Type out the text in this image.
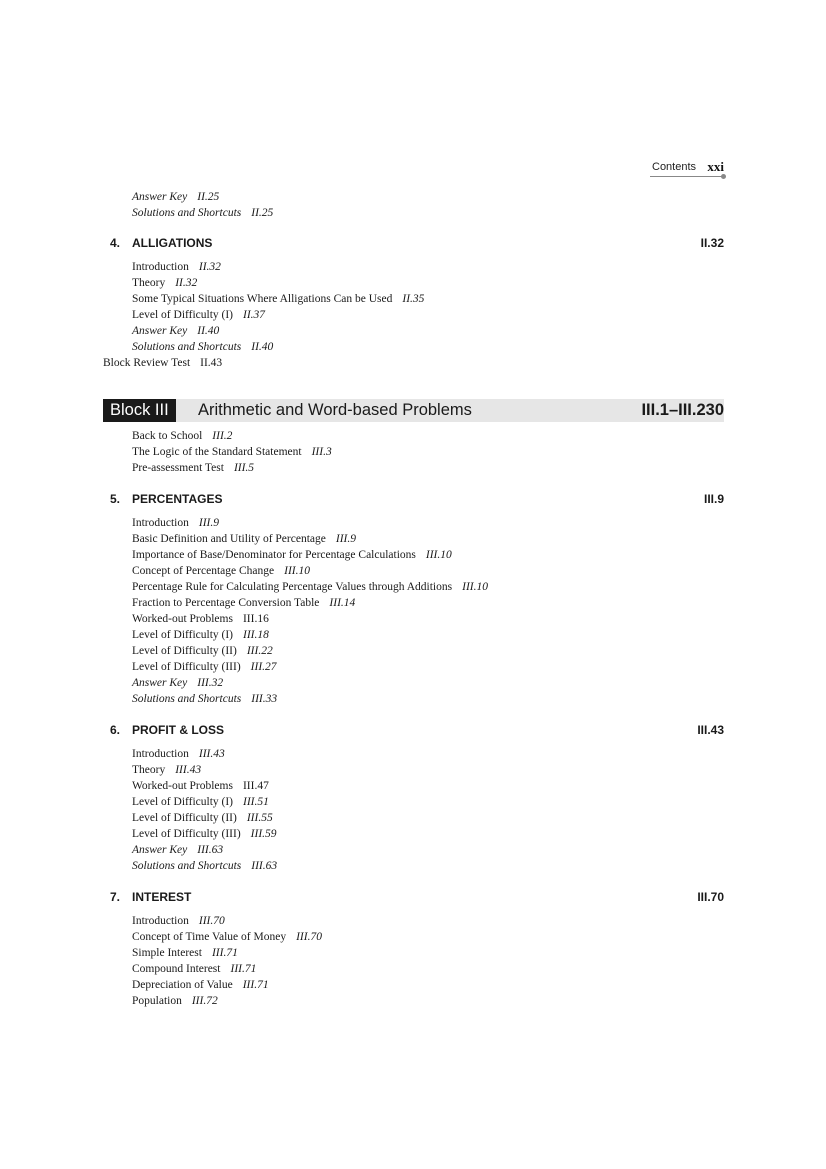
Contents xxi
Answer Key II.25
Solutions and Shortcuts II.25
4. ALLIGATIONS	II.32
Introduction II.32
Theory II.32
Some Typical Situations Where Alligations Can be Used II.35
Level of Difficulty (I) II.37
Answer Key II.40
Solutions and Shortcuts II.40
Block Review Test II.43
Block III	Arithmetic and Word-based Problems	III.1–III.230
Back to School III.2
The Logic of the Standard Statement III.3
Pre-assessment Test III.5
5. PERCENTAGES	III.9
Introduction III.9
Basic Definition and Utility of Percentage III.9
Importance of Base/Denominator for Percentage Calculations III.10
Concept of Percentage Change III.10
Percentage Rule for Calculating Percentage Values through Additions III.10
Fraction to Percentage Conversion Table III.14
Worked-out Problems III.16
Level of Difficulty (I) III.18
Level of Difficulty (II) III.22
Level of Difficulty (III) III.27
Answer Key III.32
Solutions and Shortcuts III.33
6. PROFIT & LOSS	III.43
Introduction III.43
Theory III.43
Worked-out Problems III.47
Level of Difficulty (I) III.51
Level of Difficulty (II) III.55
Level of Difficulty (III) III.59
Answer Key III.63
Solutions and Shortcuts III.63
7. INTEREST	III.70
Introduction III.70
Concept of Time Value of Money III.70
Simple Interest III.71
Compound Interest III.71
Depreciation of Value III.71
Population III.72
